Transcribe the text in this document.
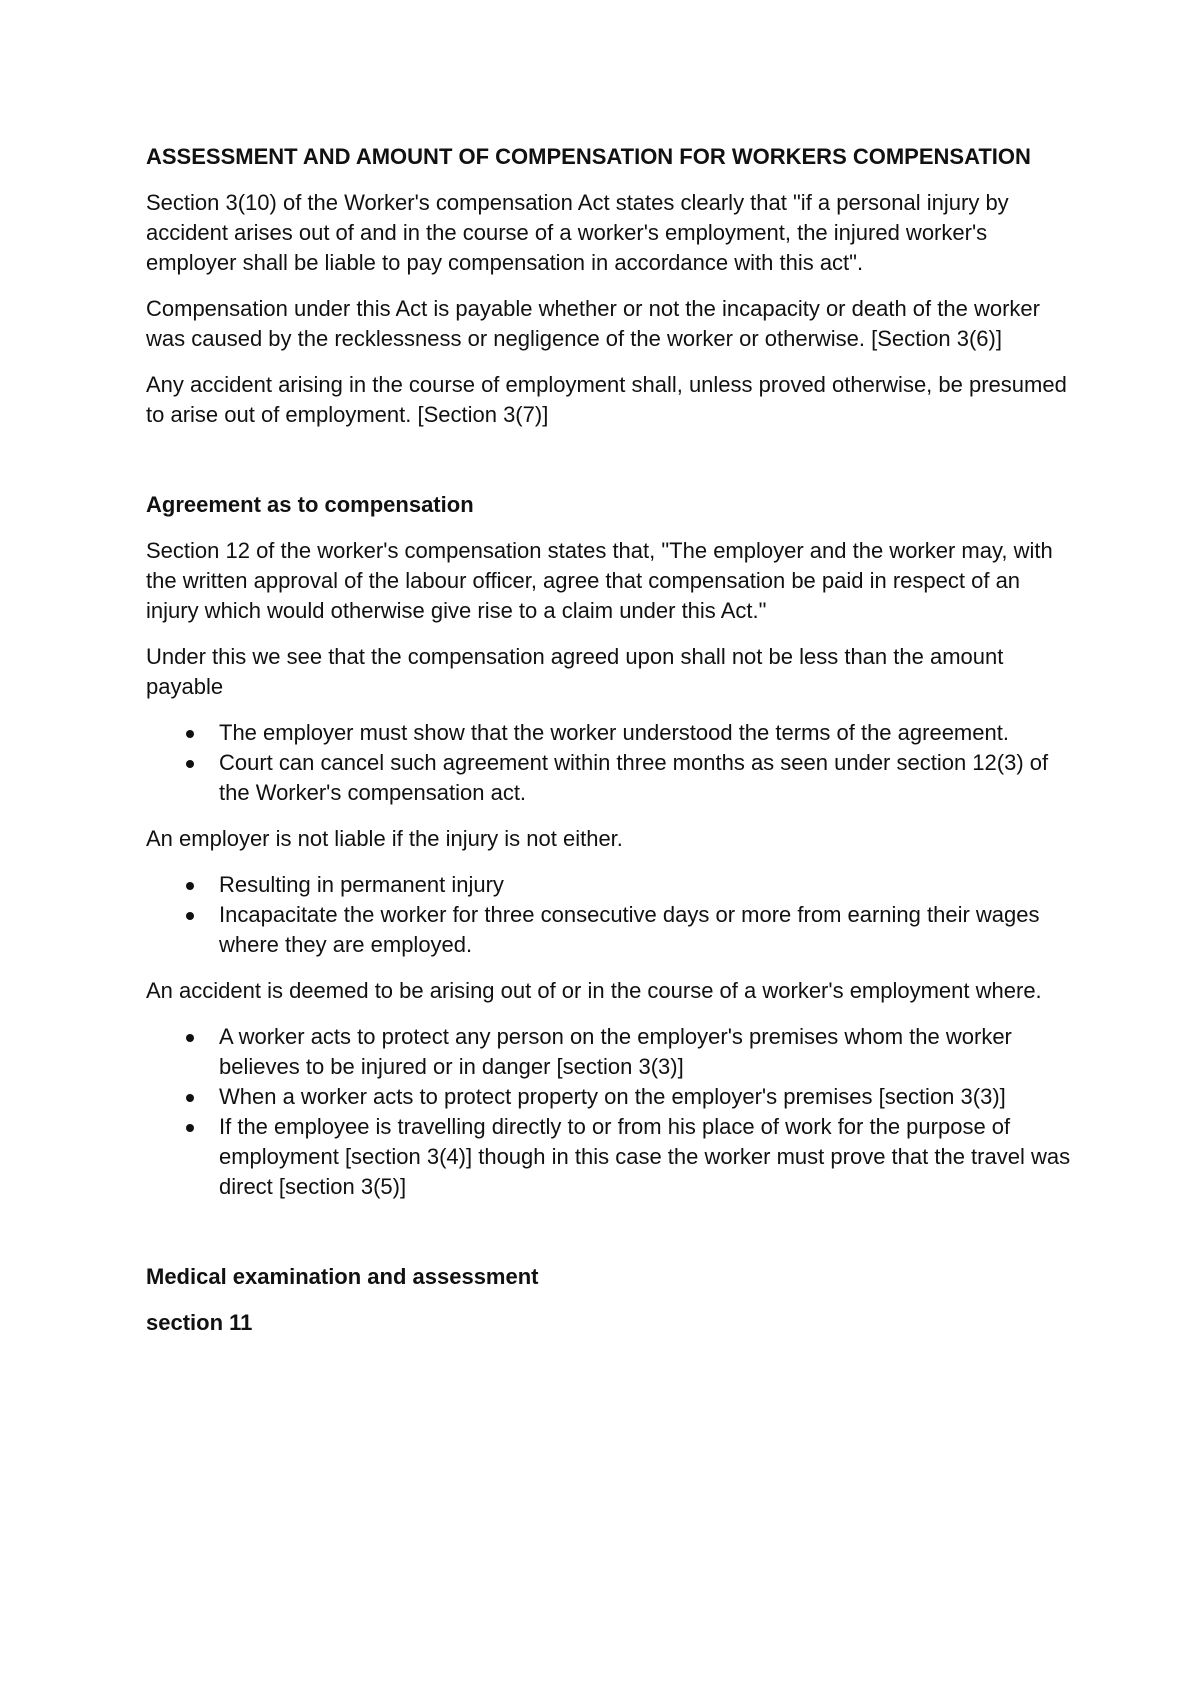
ASSESSMENT AND AMOUNT OF COMPENSATION FOR WORKERS COMPENSATION

Section 3(10) of the Worker's compensation Act states clearly that "if a personal injury by accident arises out of and in the course of a worker's employment, the injured worker's employer shall be liable to pay compensation in accordance with this act".

Compensation under this Act is payable whether or not the incapacity or death of the worker was caused by the recklessness or negligence of the worker or otherwise. [Section 3(6)]

Any accident arising in the course of employment shall, unless proved otherwise, be presumed to arise out of employment. [Section 3(7)]

Agreement as to compensation

Section 12 of the worker's compensation states that, "The employer and the worker may, with the written approval of the labour officer, agree that compensation be paid in respect of an injury which would otherwise give rise to a claim under this Act."

Under this we see that the compensation agreed upon shall not be less than the amount payable

The employer must show that the worker understood the terms of the agreement.
Court can cancel such agreement within three months as seen under section 12(3) of the Worker's compensation act.

An employer is not liable if the injury is not either.

Resulting in permanent injury
Incapacitate the worker for three consecutive days or more from earning their wages where they are employed.

An accident is deemed to be arising out of or in the course of a worker's employment where.

A worker acts to protect any person on the employer's premises whom the worker believes to be injured or in danger [section 3(3)]
When a worker acts to protect property on the employer's premises [section 3(3)]
If the employee is travelling directly to or from his place of work for the purpose of employment [section 3(4)] though in this case the worker must prove that the travel was direct [section 3(5)]
Medical examination and assessment
section 11
